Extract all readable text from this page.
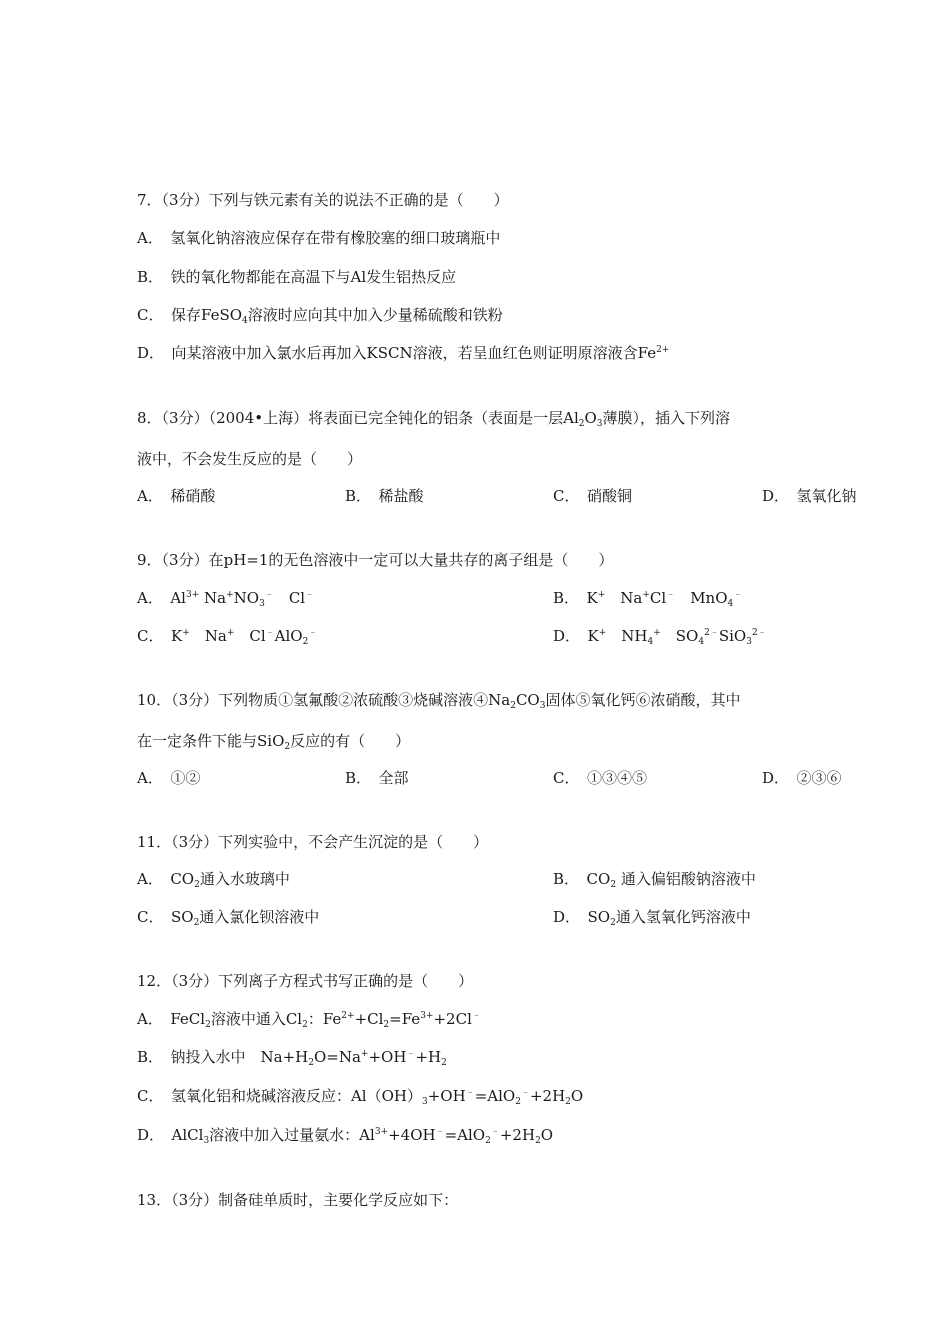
7．（3分）下列与铁元素有关的说法不正确的是（　　）
A．　氢氧化钠溶液应保存在带有橡胶塞的细口玻璃瓶中
B．　铁的氧化物都能在高温下与Al发生铝热反应
C．　保存FeSO$_4$溶液时应向其中加入少量稀硫酸和铁粉
D．　向某溶液中加入氯水后再加入KSCN溶液，若呈血红色则证明原溶液含$Fe^{2+}$
8．（3分）（2004•上海）将表面已完全钝化的铝条（表面是一层$Al_2O_3$薄膜），插入下列溶
液中，不会发生反应的是（　　）
A．　稀硝酸	B．　稀盐酸	C．　硝酸铜	D．　氢氧化钠
9．（3分）在pH=1的无色溶液中一定可以大量共存的离子组是（　　）
A．　$Al^{3+}$ $Na^+NO_3^﹣$　Cl﹣	B．　K+　Na+Cl﹣　MnO$_4$﹣
C．　K+　Na+　Cl﹣AlO$_2$﹣	D．　K+　$NH_4^+$　$SO_4^{2﹣}SiO_3^{2﹣}$
10．（3分）下列物质①氢氟酸②浓硫酸③烧碱溶液$④Na_2CO_3$固体⑤氧化钙⑥浓硝酸，其中
在一定条件下能与SiO$_2$反应的有（　　）
A．　①②	B．　全部	C．　①③④⑤	D．　②③⑥
11．（3分）下列实验中，不会产生沉淀的是（　　）
A．　$CO_2$通入水玻璃中	B．　$CO_2$ 通入偏铝酸钠溶液中
C．　$SO_2$通入氯化钡溶液中	D．　$SO_2$通入氢氧化钙溶液中
12．（3分）下列离子方程式书写正确的是（　　）
A．　FeCl$_2$溶液中通入$Cl_2$：$Fe^{2+}+Cl_2=Fe^{3+}+2Cl^﹣$
B．　钠投入水中　$Na+H_2O=Na^++OH^﹣+H_2$
C．　氢氧化铝和烧碱溶液反应：$Al(OH)_3+OH^﹣=AlO_2^﹣+2H_2O$
D．　AlCl$_3$溶液中加入过量氨水：$Al^{3+}+4OH^﹣=AlO_2^﹣+2H_2O$
13．（3分）制备硅单质时，主要化学反应如下：
